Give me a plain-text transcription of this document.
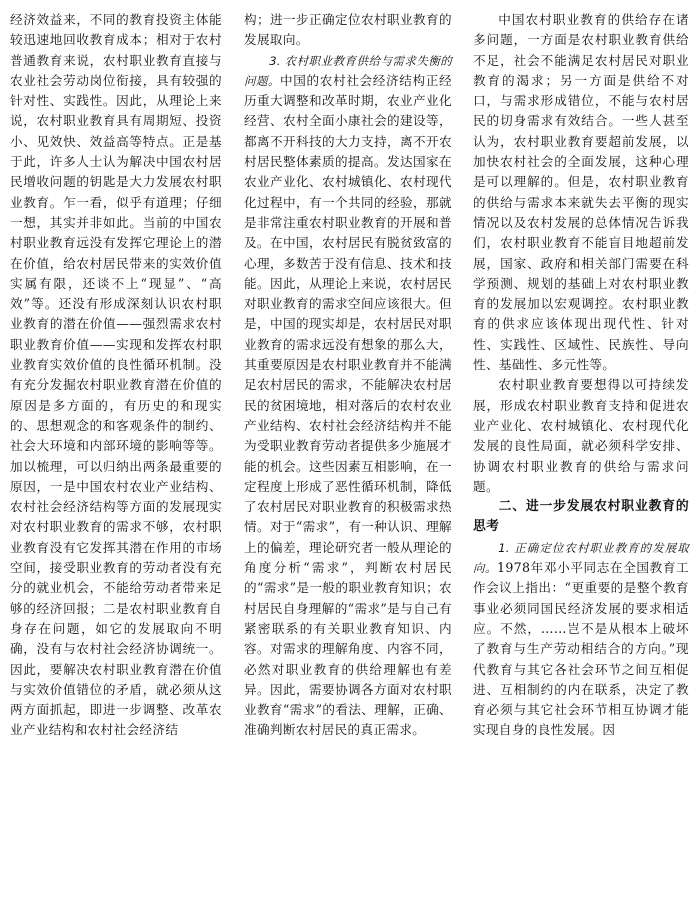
经济效益来，不同的教育投资主体能较迅速地回收教育成本；相对于农村普通教育来说，农村职业教育直接与农业社会劳动岗位衔接，具有较强的针对性、实践性。因此，从理论上来说，农村职业教育具有周期短、投资小、见效快、效益高等特点。正是基于此，许多人士认为解决中国农村居民增收问题的钥匙是大力发展农村职业教育。乍一看，似乎有道理；仔细一想，其实并非如此。当前的中国农村职业教育远没有发挥它理论上的潜在价值，给农村居民带来的实效价值实属有限，还谈不上“现显”、“高效”等。还没有形成深刻认识农村职业教育的潜在价值——强烈需求农村职业教育价值——实现和发挥农村职业教育实效价值的良性循环机制。没有充分发掘农村职业教育潜在价值的原因是多方面的，有历史的和现实的、思想观念的和客观条件的制约、社会大环境和内部环境的影响等等。加以梳理，可以归纳出两条最重要的原因，一是中国农村农业产业结构、农村社会经济结构等方面的发展现实对农村职业教育的需求不够，农村职业教育没有它发挥其潜在作用的市场空间，接受职业教育的劳动者没有充分的就业机会，不能给劳动者带来足够的经济回报；二是农村职业教育自身存在问题，如它的发展取向不明确，没有与农村社会经济协调统一。因此，要解决农村职业教育潜在价值与实效价值错位的矛盾，就必须从这两方面抓起，即进一步调整、改革农业产业结构和农村社会经济结

构；进一步正确定位农村职业教育的发展取向。

3. 农村职业教育供给与需求失衡的问题。中国的农村社会经济结构正经历重大调整和改革时期，农业产业化经营、农村全面小康社会的建设等，都离不开科技的大力支持，离不开农村居民整体素质的提高。发达国家在农业产业化、农村城镇化、农村现代化过程中，有一个共同的经验，那就是非常注重农村职业教育的开展和普及。在中国，农村居民有脱贫致富的心理，多数苦于没有信息、技术和技能。因此，从理论上来说，农村居民对职业教育的需求空间应该很大。但是，中国的现实却是，农村居民对职业教育的需求远没有想象的那么大，其重要原因是农村职业教育并不能满足农村居民的需求，不能解决农村居民的贫困境地，相对落后的农村农业产业结构、农村社会经济结构并不能为受职业教育劳动者提供多少施展才能的机会。这些因素互相影响，在一定程度上形成了恶性循环机制，降低了农村居民对职业教育的积极需求热情。对于“需求”，有一种认识、理解上的偏差，理论研究者一般从理论的角度分析“需求”，判断农村居民的“需求”是一般的职业教育知识；农村居民自身理解的“需求”是与自己有紧密联系的有关职业教育知识、内容。对需求的理解角度、内容不同，必然对职业教育的供给理解也有差异。因此，需要协调各方面对农村职业教育“需求”的看法、理解，正确、准确判断农村居民的真正需求。

中国农村职业教育的供给存在诸多问题，一方面是农村职业教育供给不足，社会不能满足农村居民对职业教育的渴求；另一方面是供给不对口，与需求形成错位，不能与农村居民的切身需求有效结合。一些人甚至认为，农村职业教育要超前发展，以加快农村社会的全面发展，这种心理是可以理解的。但是，农村职业教育的供给与需求本来就失去平衡的现实情况以及农村发展的总体情况告诉我们，农村职业教育不能盲目地超前发展，国家、政府和相关部门需要在科学预测、规划的基础上对农村职业教育的发展加以宏观调控。农村职业教育的供求应该体现出现代性、针对性、实践性、区域性、民族性、导向性、基础性、多元性等。

农村职业教育要想得以可持续发展，形成农村职业教育支持和促进农业产业化、农村城镇化、农村现代化发展的良性局面，就必须科学安排、协调农村职业教育的供给与需求问题。

二、进一步发展农村职业教育的思考

1. 正确定位农村职业教育的发展取向。1978年邓小平同志在全国教育工作会议上指出：“更重要的是整个教育事业必须同国民经济发展的要求相适应。不然，……岂不是从根本上破坏了教育与生产劳动相结合的方向。”现代教育与其它各社会环节之间互相促进、互相制约的内在联系，决定了教育必须与其它社会环节相互协调才能实现自身的良性发展。因
